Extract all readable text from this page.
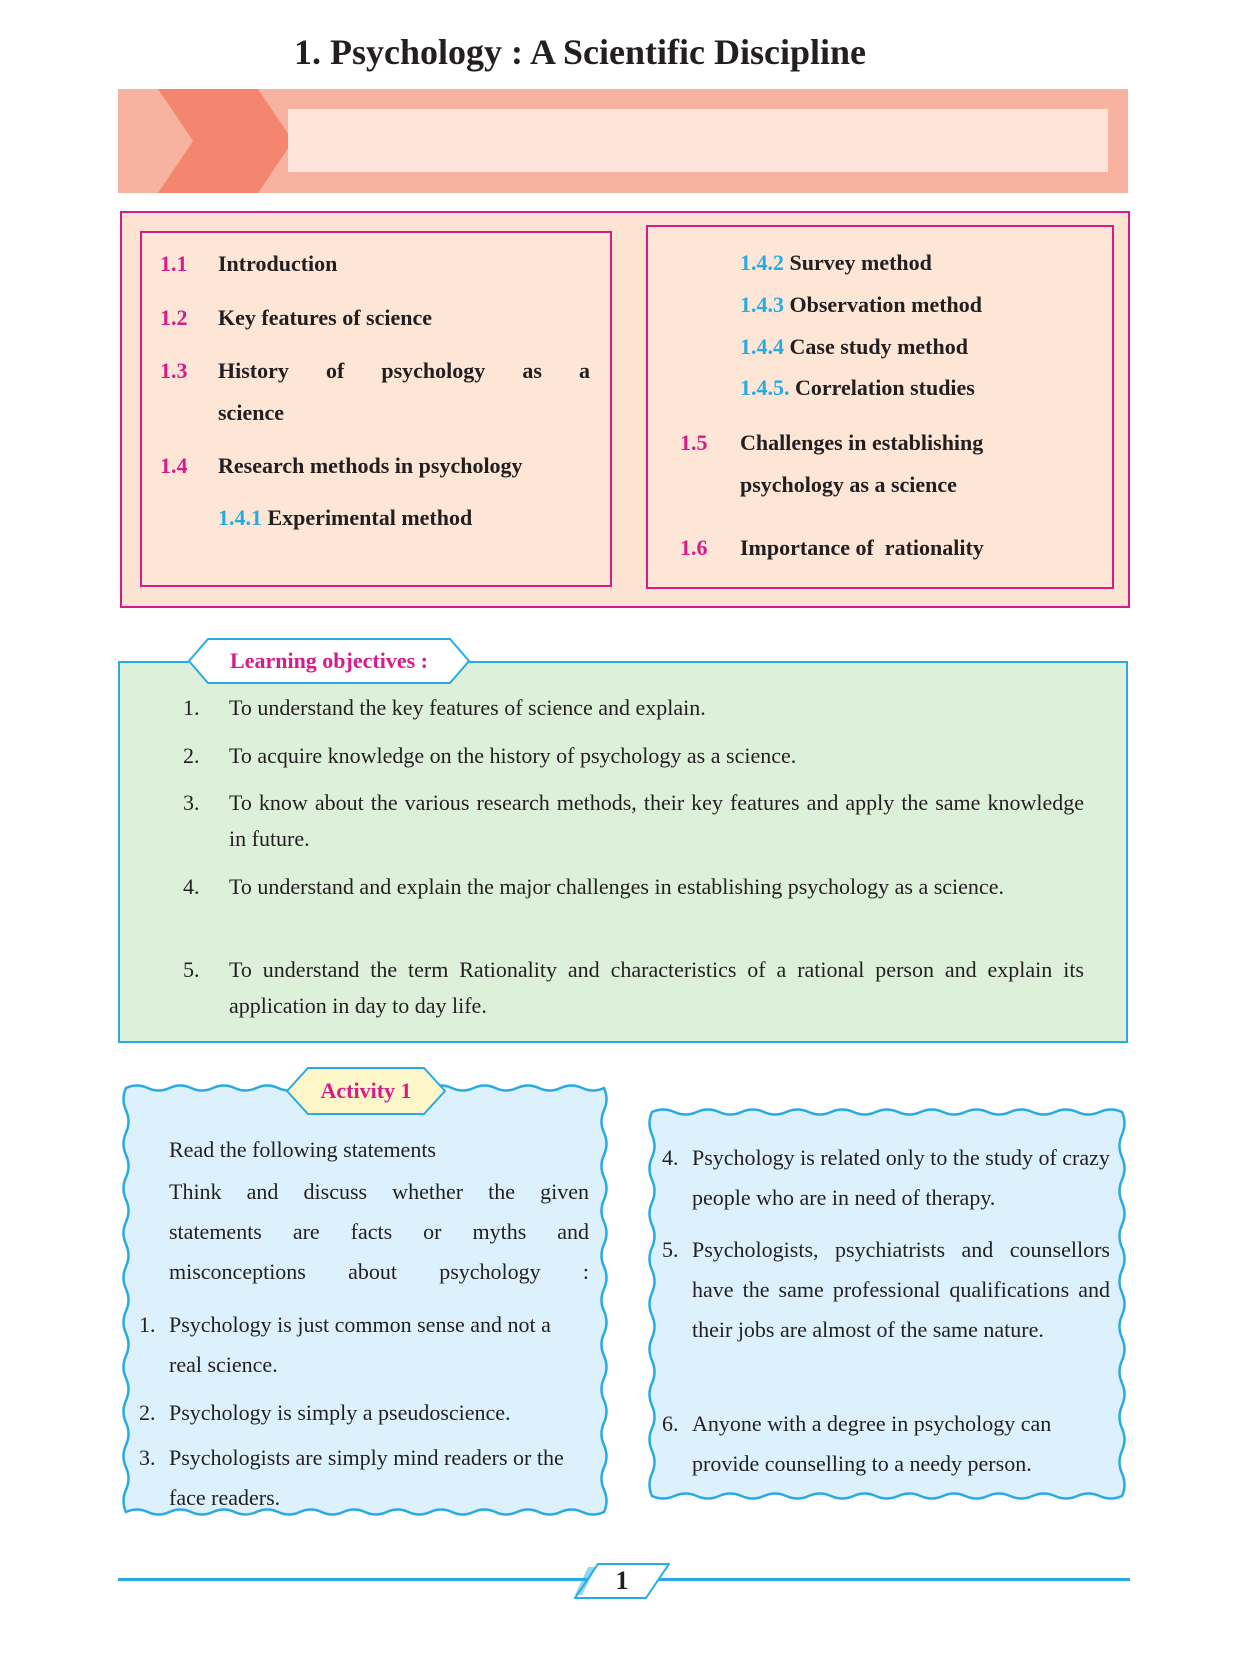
1. Psychology : A Scientific Discipline
1.1 Introduction
1.2 Key features of science
1.3 History of psychology as a science
1.4 Research methods in psychology
1.4.1 Experimental method
1.4.2 Survey method
1.4.3 Observation method
1.4.4 Case study method
1.4.5. Correlation studies
1.5 Challenges in establishing psychology as a science
1.6 Importance of  rationality
Learning objectives :
1.	To understand the key features of science and explain.
2.	To acquire knowledge on the history of psychology as a science.
3.	To know about the various research methods, their key features and apply the same knowledge in future.
4.	To understand and explain the major challenges in establishing psychology as a science.
5.	To understand the term Rationality and characteristics of a rational person and explain its application in day to day life.
Activity 1
Read the following statements
Think and discuss whether the given statements are facts or myths and misconceptions about psychology :
1. Psychology is just common sense and not a real science.
2. Psychology is simply a pseudoscience.
3. Psychologists are simply mind readers or the face readers.
4. Psychology is related only to the study of crazy people who are in need of therapy.
5. Psychologists, psychiatrists and counsellors have the same professional qualifications and their jobs are almost of the same nature.
6. Anyone with a degree in psychology can provide counselling to a needy person.
1
